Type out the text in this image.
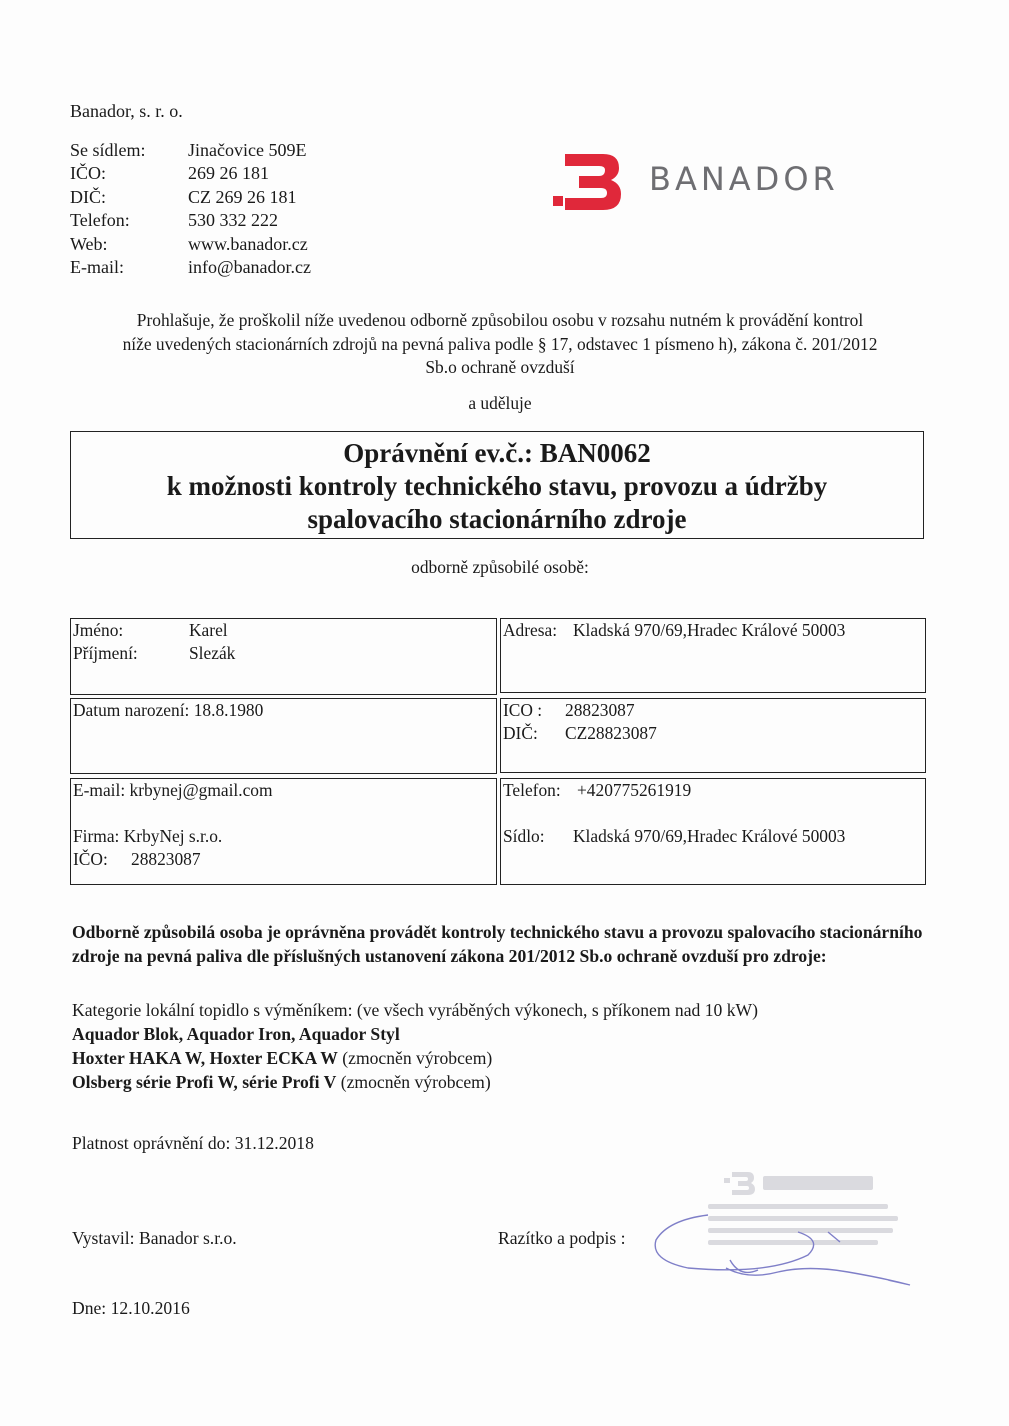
Banador, s. r. o.
Se sídlem:	Jinačovice 509E
IČO:	269 26 181
DIČ:	CZ 269 26 181
Telefon:	530 332 222
Web:	www.banador.cz
E-mail:	info@banador.cz
BANADOR
Prohlašuje, že proškolil níže uvedenou odborně způsobilou osobu v rozsahu nutném k provádění kontrol
níže uvedených stacionárních zdrojů na pevná paliva podle § 17, odstavec 1 písmeno h), zákona č. 201/2012
Sb.o ochraně ovzduší
a uděluje
Oprávnění ev.č.: BAN0062
k možnosti kontroly technického stavu, provozu a údržby
spalovacího stacionárního zdroje
odborně způsobilé osobě:
Jméno:	Karel
Příjmení:	Slezák
Adresa: Kladská 970/69,Hradec Králové 50003
Datum narození: 18.8.1980	ICO :	28823087
DIČ:	CZ28823087
E-mail: krbynej@gmail.com
Firma: KrbyNej s.r.o.
IČO:	28823087
Telefon: +420775261919
Sídlo:	Kladská 970/69,Hradec Králové 50003
Odborně způsobilá osoba je oprávněna provádět kontroly technického stavu a provozu spalovacího stacionárního zdroje na pevná paliva dle příslušných ustanovení zákona 201/2012 Sb.o ochraně ovzduší pro zdroje:
Kategorie lokální topidlo s výměníkem: (ve všech vyráběných výkonech, s příkonem nad 10 kW)
Aquador Blok, Aquador Iron, Aquador Styl
Hoxter HAKA W, Hoxter ECKA W (zmocněn výrobcem)
Olsberg série Profi W, série Profi V (zmocněn výrobcem)
Platnost oprávnění do: 31.12.2018
Vystavil: Banador s.r.o.	Razítko a podpis :
Dne: 12.10.2016
